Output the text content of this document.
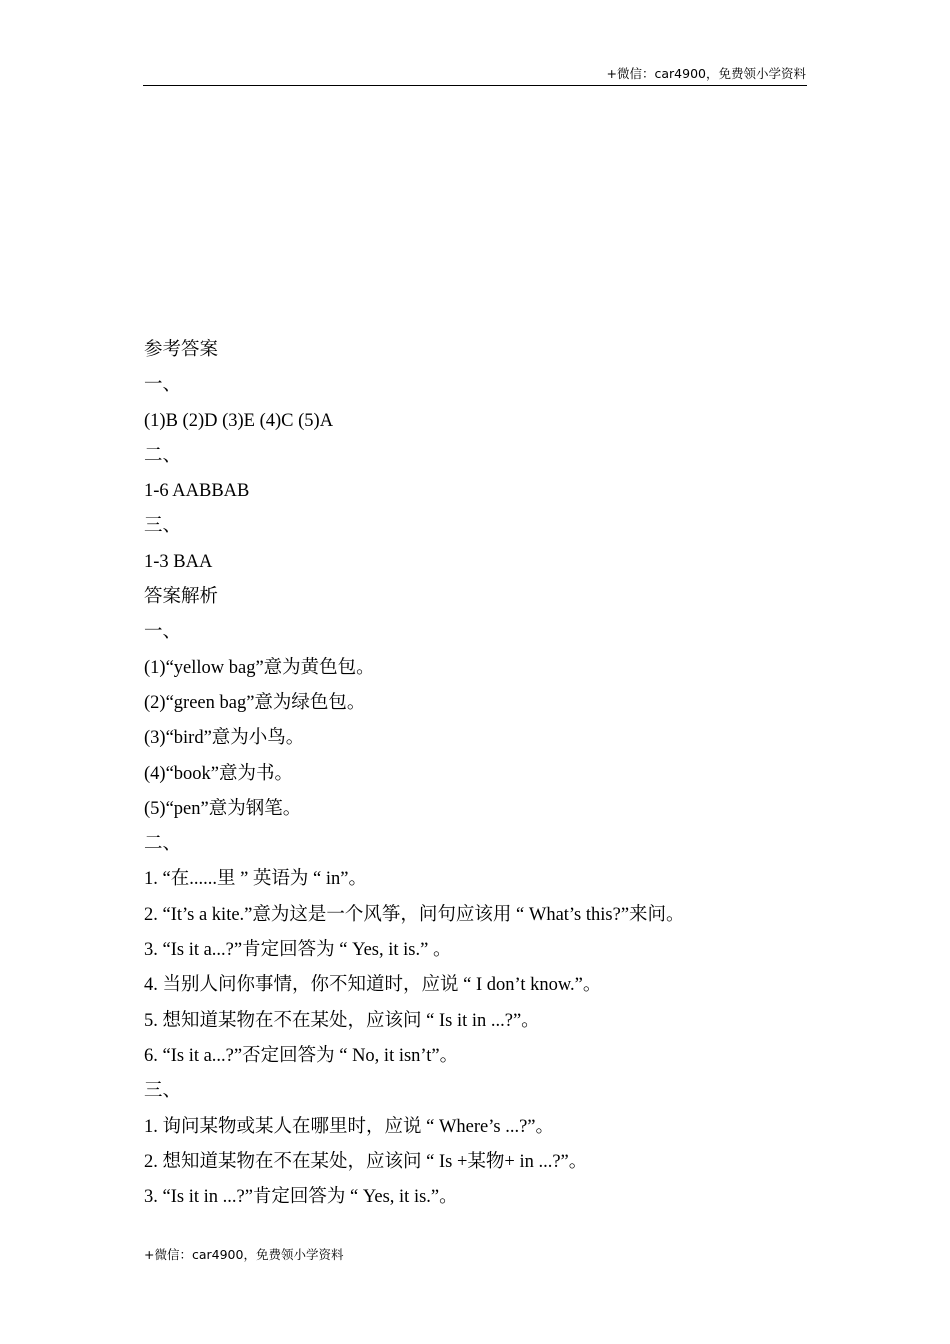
+微信：car4900，免费领小学资料
参考答案
一、
(1)B (2)D (3)E (4)C (5)A
二、
1-6 AABBAB
三、
1-3 BAA
答案解析
一、
(1)“yellow bag”意为黄色包。
(2)“green bag”意为绿色包。
(3)“bird”意为小鸟。
(4)“book”意为书。
(5)“pen”意为钢笔。
二、
1. “在......里 ” 英语为 “ in”。
2. “It’s a kite.”意为这是一个风筝，问句应该用 “ What’s this?”来问。
3. “Is it a...?”肯定回答为 “ Yes, it is.” 。
4. 当别人问你事情，你不知道时，应说 “ I don’t know.”。
5. 想知道某物在不在某处，应该问 “ Is it in ...?”。
6. “Is it a...?”否定回答为 “ No, it isn’t”。
三、
1. 询问某物或某人在哪里时，应说 “ Where’s ...?”。
2. 想知道某物在不在某处，应该问 “ Is +某物+ in ...?”。
3. “Is it in ...?”肯定回答为 “ Yes, it is.”。
+微信：car4900，免费领小学资料
